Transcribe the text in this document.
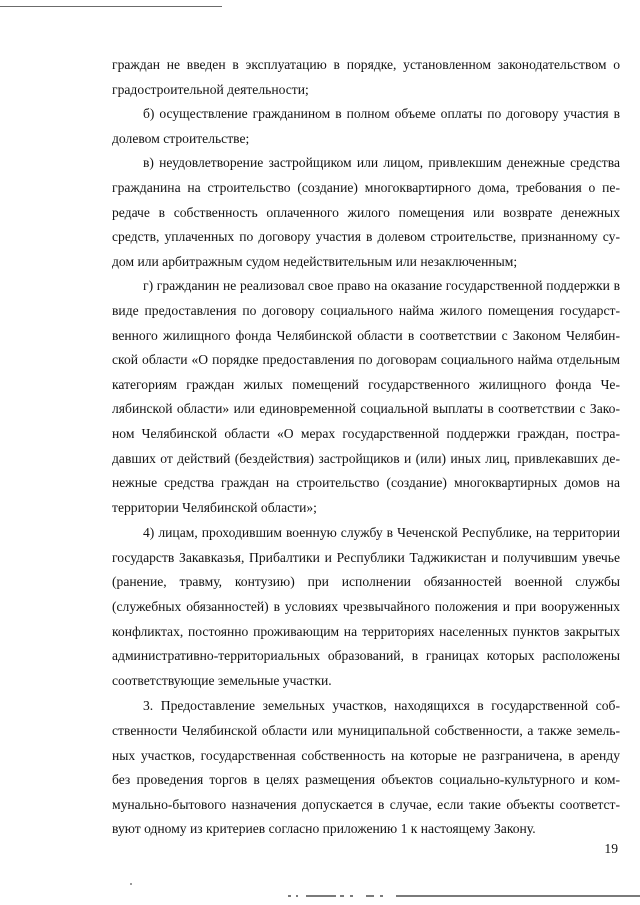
граждан не введен в эксплуатацию в порядке, установленном законодательством о градостроительной деятельности;

б) осуществление гражданином в полном объеме оплаты по договору участия в долевом строительстве;

в) неудовлетворение застройщиком или лицом, привлекшим денежные средства гражданина на строительство (создание) многоквартирного дома, требования о передаче в собственность оплаченного жилого помещения или возврате денежных средств, уплаченных по договору участия в долевом строительстве, признанному судом или арбитражным судом недействительным или незаключенным;

г) гражданин не реализовал свое право на оказание государственной поддержки в виде предоставления по договору социального найма жилого помещения государственного жилищного фонда Челябинской области в соответствии с Законом Челябинской области «О порядке предоставления по договорам социального найма отдельным категориям граждан жилых помещений государственного жилищного фонда Челябинской области» или единовременной социальной выплаты в соответствии с Законом Челябинской области «О мерах государственной поддержки граждан, пострадавших от действий (бездействия) застройщиков и (или) иных лиц, привлекавших денежные средства граждан на строительство (создание) многоквартирных домов на территории Челябинской области»;

4) лицам, проходившим военную службу в Чеченской Республике, на территории государств Закавказья, Прибалтики и Республики Таджикистан и получившим увечье (ранение, травму, контузию) при исполнении обязанностей военной службы (служебных обязанностей) в условиях чрезвычайного положения и при вооруженных конфликтах, постоянно проживающим на территориях населенных пунктов закрытых административно-территориальных образований, в границах которых расположены соответствующие земельные участки.

3. Предоставление земельных участков, находящихся в государственной собственности Челябинской области или муниципальной собственности, а также земельных участков, государственная собственность на которые не разграничена, в аренду без проведения торгов в целях размещения объектов социально-культурного и коммунально-бытового назначения допускается в случае, если такие объекты соответствуют одному из критериев согласно приложению 1 к настоящему Закону.

19
